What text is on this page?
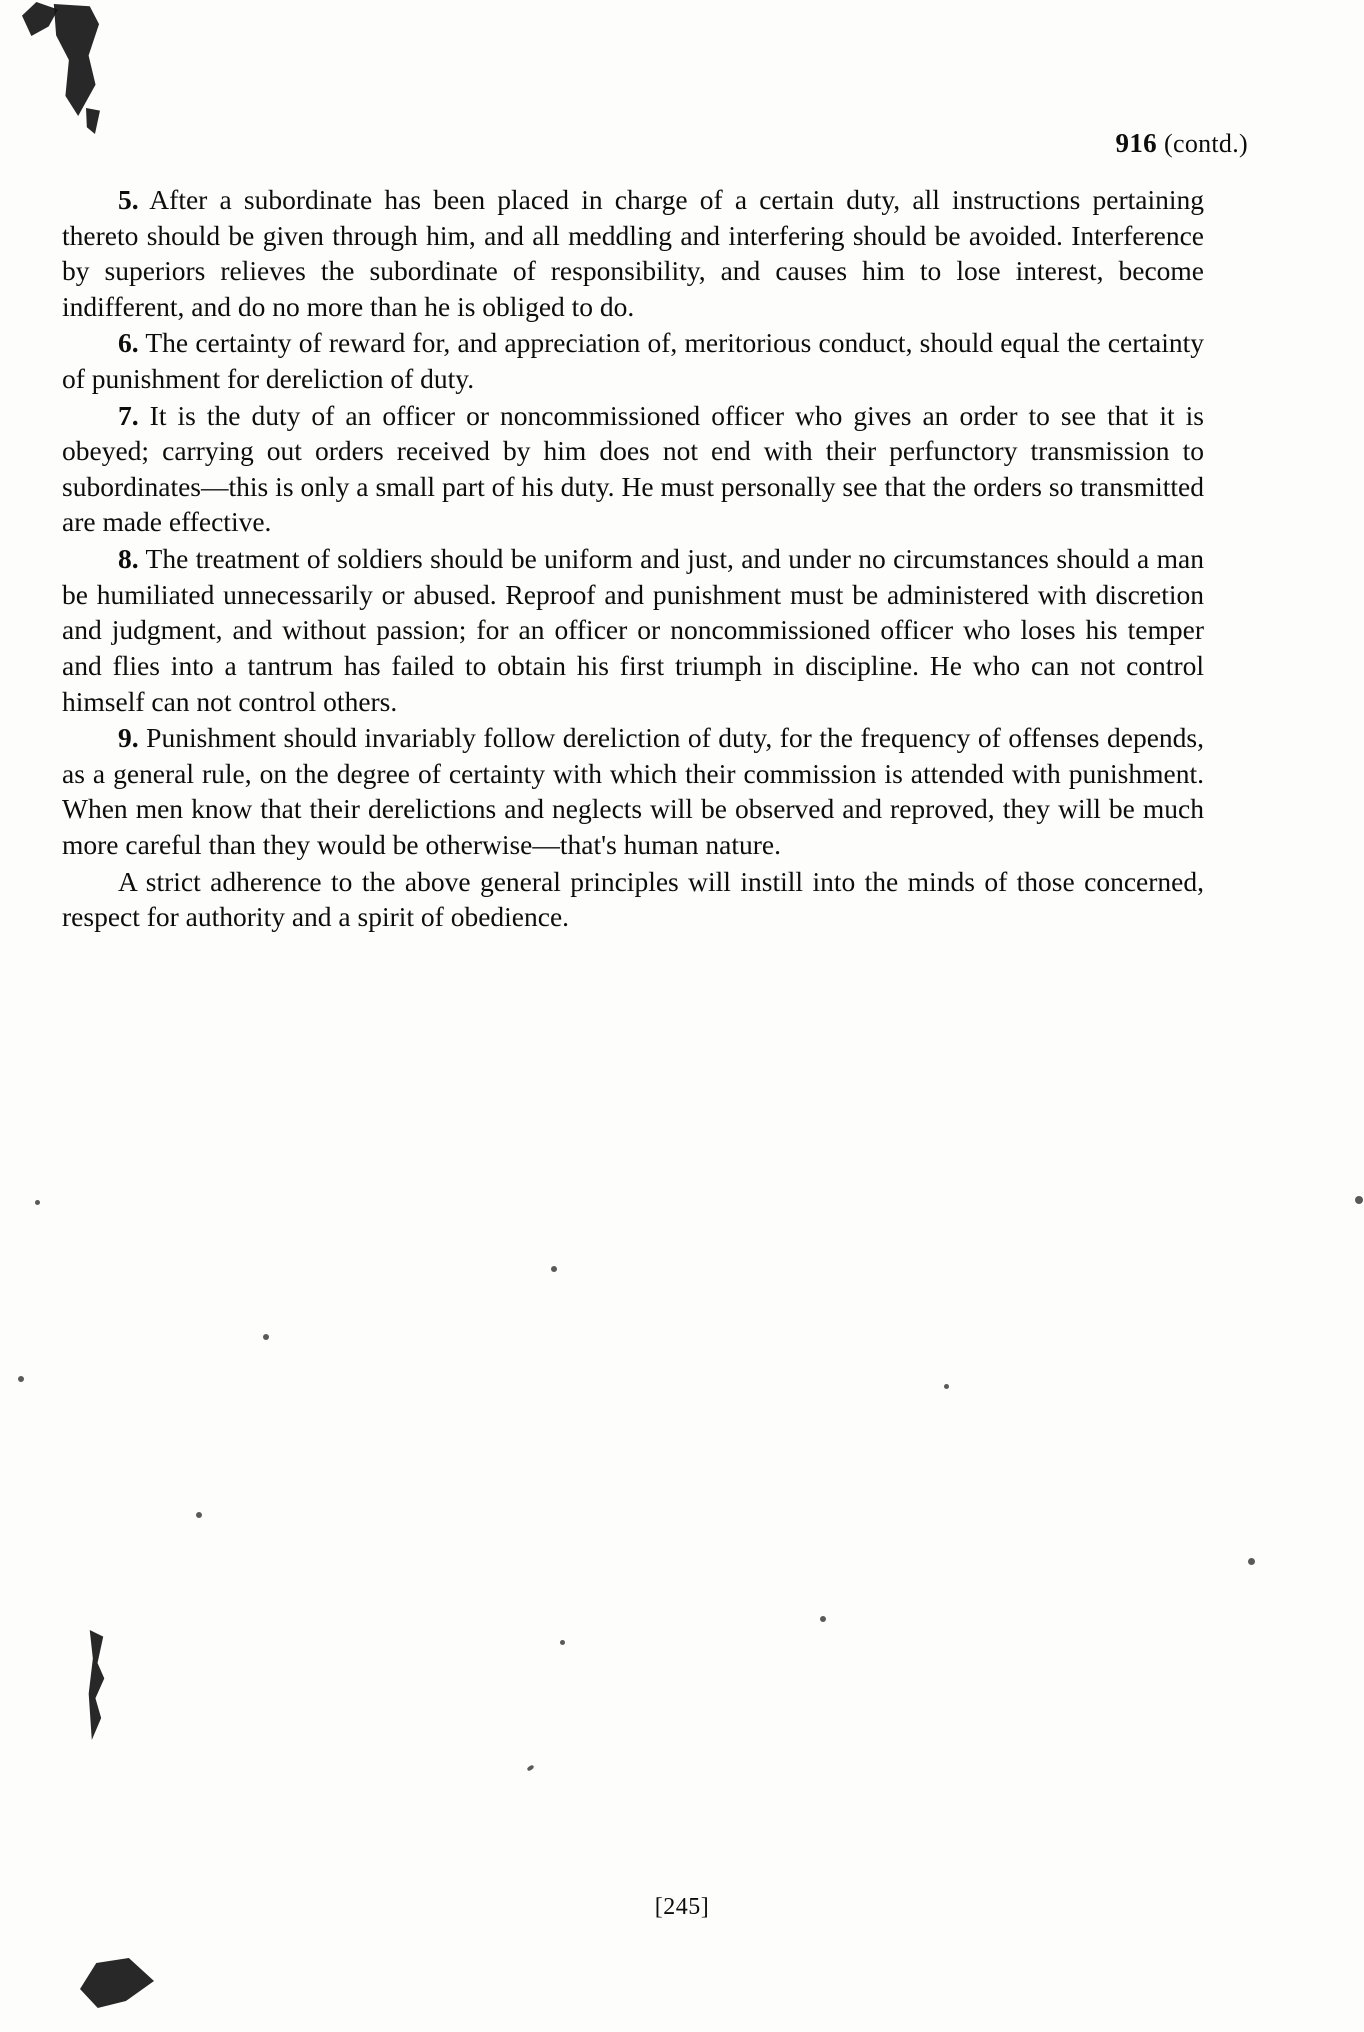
916 (contd.)

5. After a subordinate has been placed in charge of a certain duty, all instructions pertaining thereto should be given through him, and all meddling and interfering should be avoided. Interference by superiors relieves the subordinate of responsibility, and causes him to lose interest, become indifferent, and do no more than he is obliged to do.

6. The certainty of reward for, and appreciation of, meritorious conduct, should equal the certainty of punishment for dereliction of duty.

7. It is the duty of an officer or noncommissioned officer who gives an order to see that it is obeyed; carrying out orders received by him does not end with their perfunctory transmission to subordinates—this is only a small part of his duty. He must personally see that the orders so transmitted are made effective.

8. The treatment of soldiers should be uniform and just, and under no circumstances should a man be humiliated unnecessarily or abused. Reproof and punishment must be administered with discretion and judgment, and without passion; for an officer or noncommissioned officer who loses his temper and flies into a tantrum has failed to obtain his first triumph in discipline. He who can not control himself can not control others.

9. Punishment should invariably follow dereliction of duty, for the frequency of offenses depends, as a general rule, on the degree of certainty with which their commission is attended with punishment. When men know that their derelictions and neglects will be observed and reproved, they will be much more careful than they would be otherwise—that's human nature.

A strict adherence to the above general principles will instill into the minds of those concerned, respect for authority and a spirit of obedience.

[245]
